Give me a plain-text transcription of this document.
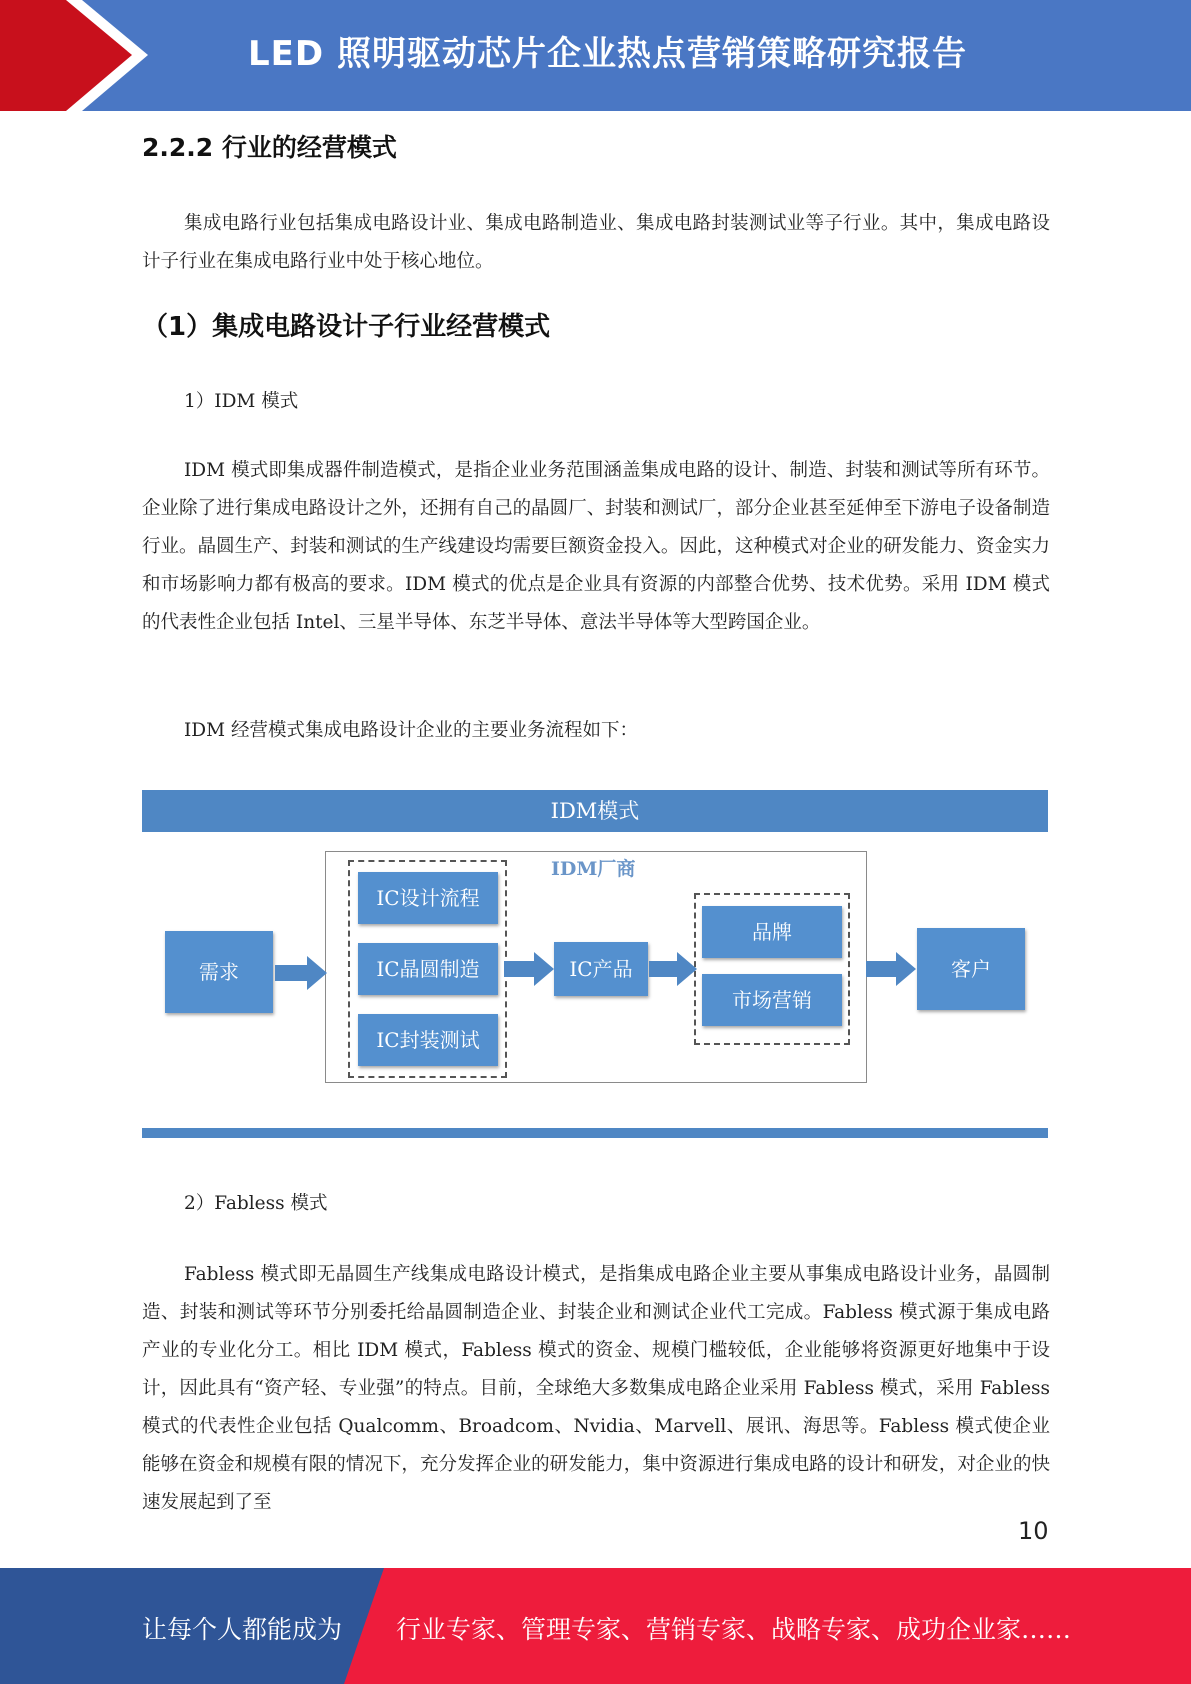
LED 照明驱动芯片企业热点营销策略研究报告
2.2.2 行业的经营模式

集成电路行业包括集成电路设计业、集成电路制造业、集成电路封装测试业等子行业。其中，集成电路设计子行业在集成电路行业中处于核心地位。

（1）集成电路设计子行业经营模式
1）IDM 模式

IDM 模式即集成器件制造模式，是指企业业务范围涵盖集成电路的设计、制造、封装和测试等所有环节。企业除了进行集成电路设计之外，还拥有自己的晶圆厂、封装和测试厂，部分企业甚至延伸至下游电子设备制造行业。晶圆生产、封装和测试的生产线建设均需要巨额资金投入。因此，这种模式对企业的研发能力、资金实力和市场影响力都有极高的要求。IDM 模式的优点是企业具有资源的内部整合优势、技术优势。采用 IDM 模式的代表性企业包括 Intel、三星半导体、东芝半导体、意法半导体等大型跨国企业。

IDM 经营模式集成电路设计企业的主要业务流程如下：
IDM模式
IDM厂商
需求
IC设计流程
IC晶圆制造
IC封装测试
IC产品
品牌
市场营销
客户
2）Fabless 模式

Fabless 模式即无晶圆生产线集成电路设计模式，是指集成电路企业主要从事集成电路设计业务，晶圆制造、封装和测试等环节分别委托给晶圆制造企业、封装企业和测试企业代工完成。Fabless 模式源于集成电路产业的专业化分工。相比 IDM 模式，Fabless 模式的资金、规模门槛较低，企业能够将资源更好地集中于设计，因此具有“资产轻、专业强”的特点。目前，全球绝大多数集成电路企业采用 Fabless 模式，采用 Fabless 模式的代表性企业包括 Qualcomm、Broadcom、Nvidia、Marvell、展讯、海思等。Fabless 模式使企业能够在资金和规模有限的情况下，充分发挥企业的研发能力，集中资源进行集成电路的设计和研发，对企业的快速发展起到了至

10
让每个人都能成为 行业专家、管理专家、营销专家、战略专家、成功企业家……
